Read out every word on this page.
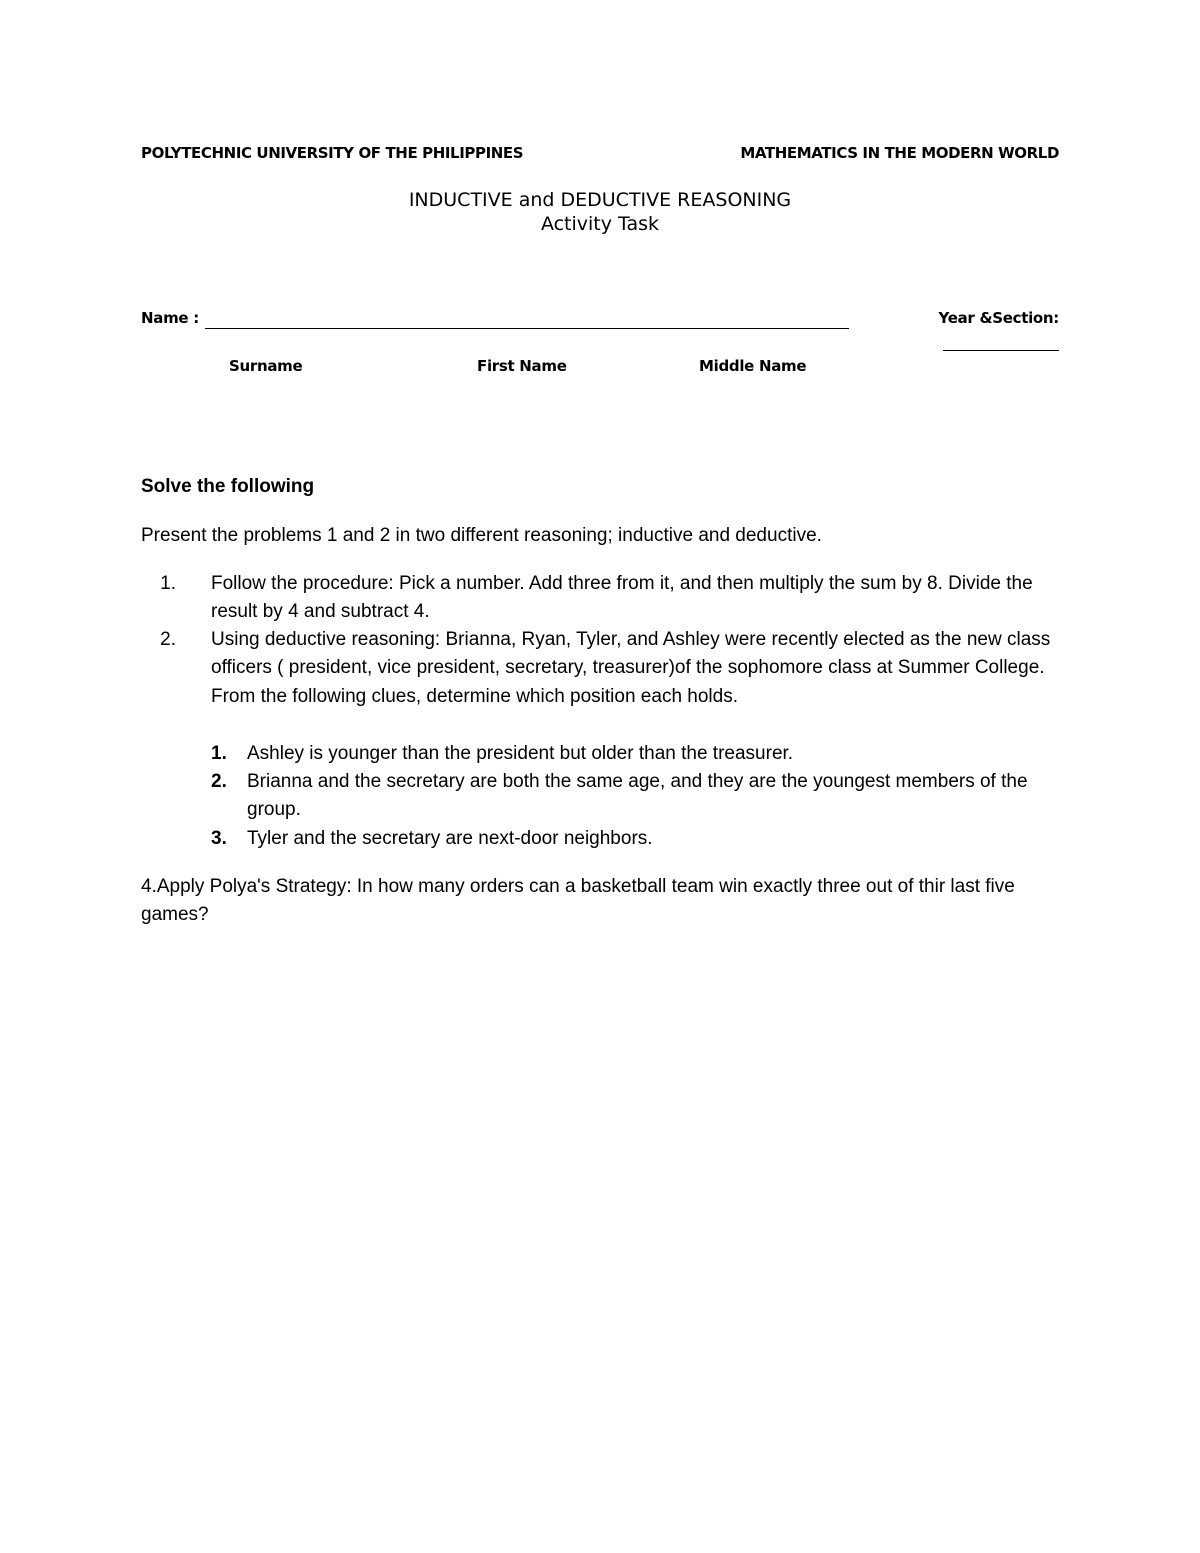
POLYTECHNIC UNIVERSITY OF THE PHILIPPINES	MATHEMATICS IN THE MODERN WORLD
INDUCTIVE and DEDUCTIVE REASONING
Activity Task
Name :	Year &Section:
Surname	First Name	Middle Name
Solve the following
Present the problems 1 and 2 in two different reasoning; inductive and deductive.
1. Follow the procedure: Pick a number. Add three from it, and then multiply the sum by 8. Divide the result by 4 and subtract 4.
2. Using deductive reasoning: Brianna, Ryan, Tyler, and Ashley were recently elected as the new class officers ( president, vice president, secretary, treasurer)of the sophomore class at Summer College. From the following clues, determine which position each holds.
1.	Ashley is younger than the president but older than the treasurer.
2.	Brianna and the secretary are both the same age, and they are the youngest members of the group.
3.	Tyler and the secretary are next-door neighbors.
4.Apply Polya's Strategy: In how many orders can a basketball team win exactly three out of thir last five games?
